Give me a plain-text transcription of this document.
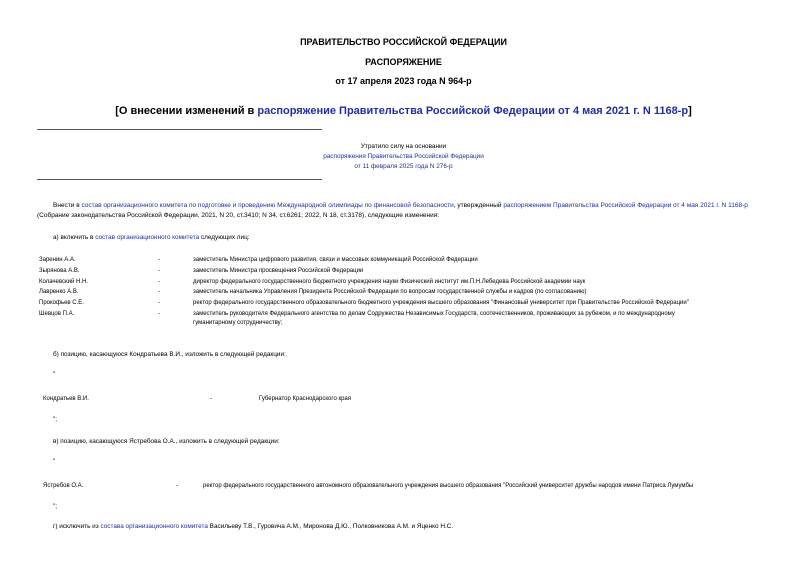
ПРАВИТЕЛЬСТВО РОССИЙСКОЙ ФЕДЕРАЦИИ
РАСПОРЯЖЕНИЕ
от 17 апреля 2023 года N 964-р
[О внесении изменений в распоряжение Правительства Российской Федерации от 4 мая 2021 г. N 1168-р]
Утратило силу на основании
распоряжения Правительства Российской Федерации
от 11 февраля 2025 года N 276-р
Внести в состав организационного комитета по подготовке и проведению Международной олимпиады по финансовой безопасности, утвержденный распоряжением Правительства Российской Федерации от 4 мая 2021 г. N 1168-р (Собрание законодательства Российской Федерации, 2021, N 20, ст.3410; N 34, ст.6261; 2022, N 18, ст.3178), следующие изменения:
а) включить в состав организационного комитета следующих лиц:
Заренин А.А.	-	заместитель Министра цифрового развития, связи и массовых коммуникаций Российской Федерации
Зырянова А.В.	-	заместитель Министра просвещения Российской Федерации
Колачевский Н.Н.	-	директор федерального государственного бюджетного учреждения науки Физический институт им.П.Н.Лебедева Российской академии наук
Лавренко А.В.	-	заместитель начальника Управления Президента Российской Федерации по вопросам государственной службы и кадров (по согласованию)
Прокофьев С.Е.	-	ректор федерального государственного образовательного бюджетного учреждения высшего образования "Финансовый университет при Правительстве Российской Федерации"
Шевцов П.А.	-	заместитель руководителя Федерального агентства по делам Содружества Независимых Государств, соотечественников, проживающих за рубежом, и по международному
гуманитарному сотрудничеству;
б) позицию, касающуюся Кондратьева В.И., изложить в следующей редакции:
"
Кондратьев В.И.	-	Губернатор Краснодарского края
";
в) позицию, касающуюся Ястребова О.А., изложить в следующей редакции:
"
Ястребов О.А.	-	ректор федерального государственного автономного образовательного учреждения высшего образования "Российский университет дружбы народов имени Патриса Лумумбы
";
г) исключить из состава организационного комитета Васильеву Т.В., Гуровича А.М., Миронова Д.Ю., Полковникова А.М. и Яценко Н.С.
